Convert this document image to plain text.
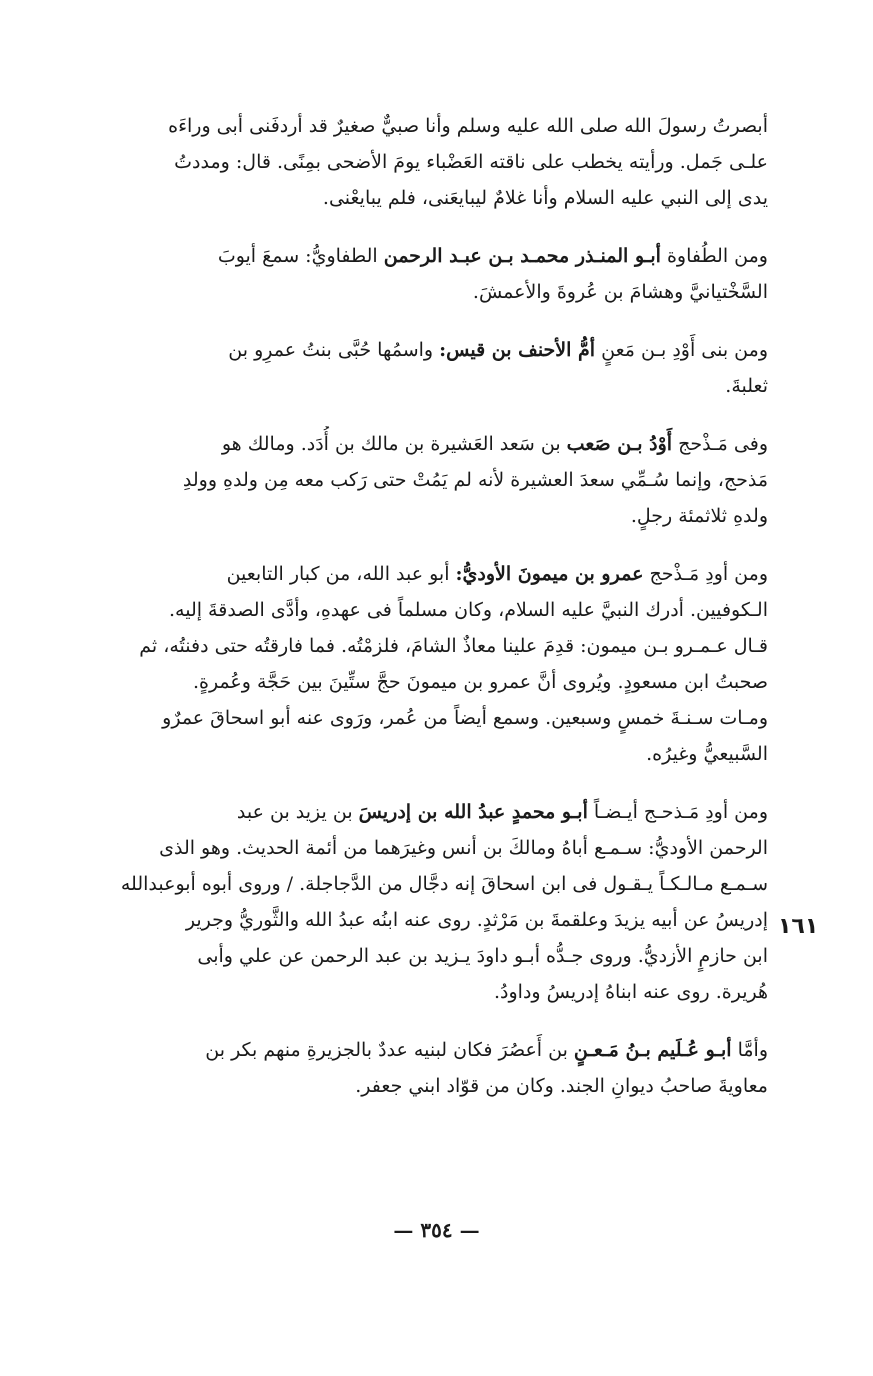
أبصرتُ رسولَ الله صلى الله عليه وسلم وأنا صبيٌّ صغيرٌ قد أردفَنى أبى وراءَه
علـى جَمل. ورأيته يخطب على ناقته العَضْباء يومَ الأضحى بمِنًى. قال: ومددتُ
يدى إلى النبي عليه السلام وأنا غلامٌ ليبايعَنى، فلم يبايعْنى.

ومن الطُفاوة أبـو المنـذر محمـد بـن عبـد الرحمن الطفاويُّ: سمعَ أيوبَ
السَّخْتيانيَّ وهشامَ بن عُروةَ والأعمشَ.

ومن بنى أَوْدِ بـن مَعنٍ أمُّ الأحنف بن قيس: واسمُها حُبَّى بنتُ عمرِو بن
ثعلبةَ.

وفى مَـذْحج أَوْدُ بـن صَعب بن سَعد العَشيرة بن مالك بن أُدَد. ومالك هو
مَذحج، وإنما سُـمِّي سعدَ العشيرة لأنه لم يَمُتْ حتى رَكب معه مِن ولدهِ وولدِ
ولدهِ ثلاثمئة رجلٍ.

ومن أودِ مَـذْحج عمرو بن ميمونَ الأوديُّ: أبو عبد الله، من كبار التابعين
الـكوفيين. أدرك النبيَّ عليه السلام، وكان مسلماً فى عهدهِ، وأدَّى الصدقةَ إليه.
قـال عـمـرو بـن ميمون: قدِمَ علينا معاذٌ الشامَ، فلزمْتُه. فما فارقتُه حتى دفنتُه، ثم
صحبتُ ابن مسعودٍ. ويُروى أنَّ عمرو بن ميمونَ حجَّ ستِّينَ بين حَجَّة وعُمرةٍ.
ومـات سـنـةَ خمسٍ وسبعين. وسمع أيضاً من عُمر، ورَوى عنه أبو اسحاقَ عمرٌو
السَّبيعيُّ وغيرُه.

ومن أودِ مَـذحـج أيـضـاً أبـو محمدٍ عبدُ الله بن إدريسَ بن يزيد بن عبد
الرحمن الأوديُّ: سـمـع أباهُ ومالكَ بن أنس وغيرَهما من أئمة الحديث. وهو الذى
سـمـع مـالـكـاً يـقـول فى ابن اسحاقَ إنه دجَّال من الدَّجاجلة. / وروى أبوه أبوعبدالله
إدريسُ عن أبيه يزيدَ وعلقمةَ بن مَرْثدٍ. روى عنه ابنُه عبدُ الله والثَّوريُّ وجرير
ابن حازمٍ الأزديُّ. وروى جـدُّه أبـو داودَ يـزيد بن عبد الرحمن عن علي وأبى
هُريرة. روى عنه ابناهُ إدريسُ وداودُ.

وأمَّا أبـو عُـلَيم بـنُ مَـعـنٍ بن أَعصُرَ فكان لبنيه عددٌ بالجزيرةِ منهم بكر بن
معاويةَ صاحبُ ديوانِ الجند. وكان من قوّاد ابني جعفر.

١٦١
— ٣٥٤ —
